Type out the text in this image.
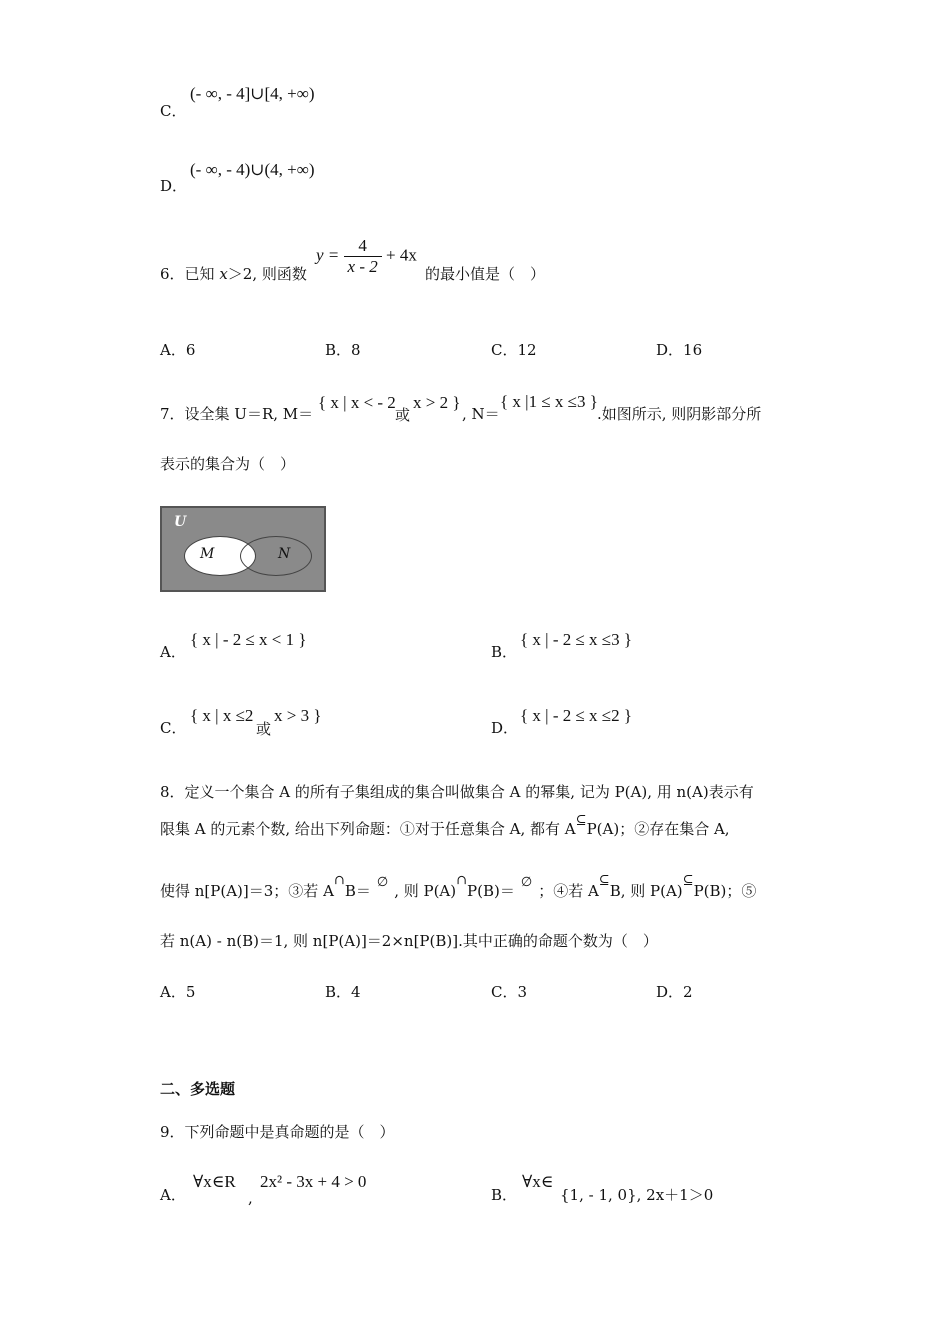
C．
(- ∞, - 4]∪[4, +∞)
D．
(- ∞, - 4)∪(4, +∞)
6．已知 x＞2, 则函数
$y = \frac{4}{x - 2} + 4x$
的最小值是（　）
A．6	B．8	C．12	D．16
7．设全集 U＝R, M＝
{ x | x < - 2
或
x > 2 }
, N＝
{ x |1 ≤ x ≤3 }
.如图所示, 则阴影部分所
表示的集合为（　）
U
M	N
A．
{ x | - 2 ≤ x < 1 }
B．
{ x | - 2 ≤ x ≤3 }
C．
{ x | x ≤2
或
x > 3 }
D．
{ x | - 2 ≤ x ≤2 }
8．定义一个集合 A 的所有子集组成的集合叫做集合 A 的幂集, 记为 P(A), 用 n(A)表示有
限集 A 的元素个数, 给出下列命题：①对于任意集合 A, 都有 A⊆P(A)；②存在集合 A,
使得 n[P(A)]＝3；③若 A∩B＝ ∅ , 则 P(A)∩P(B)＝ ∅ ；④若 A⊆B, 则 P(A)⊆P(B)；⑤
若 n(A) - n(B)＝1, 则 n[P(A)]＝2×n[P(B)].其中正确的命题个数为（　）
A．5	B．4	C．3	D．2
二、多选题
9．下列命题中是真命题的是（　）
A．
∀x∈R
,
2x² - 3x + 4 > 0
B．
∀x∈
{1, - 1, 0}, 2x＋1＞0
